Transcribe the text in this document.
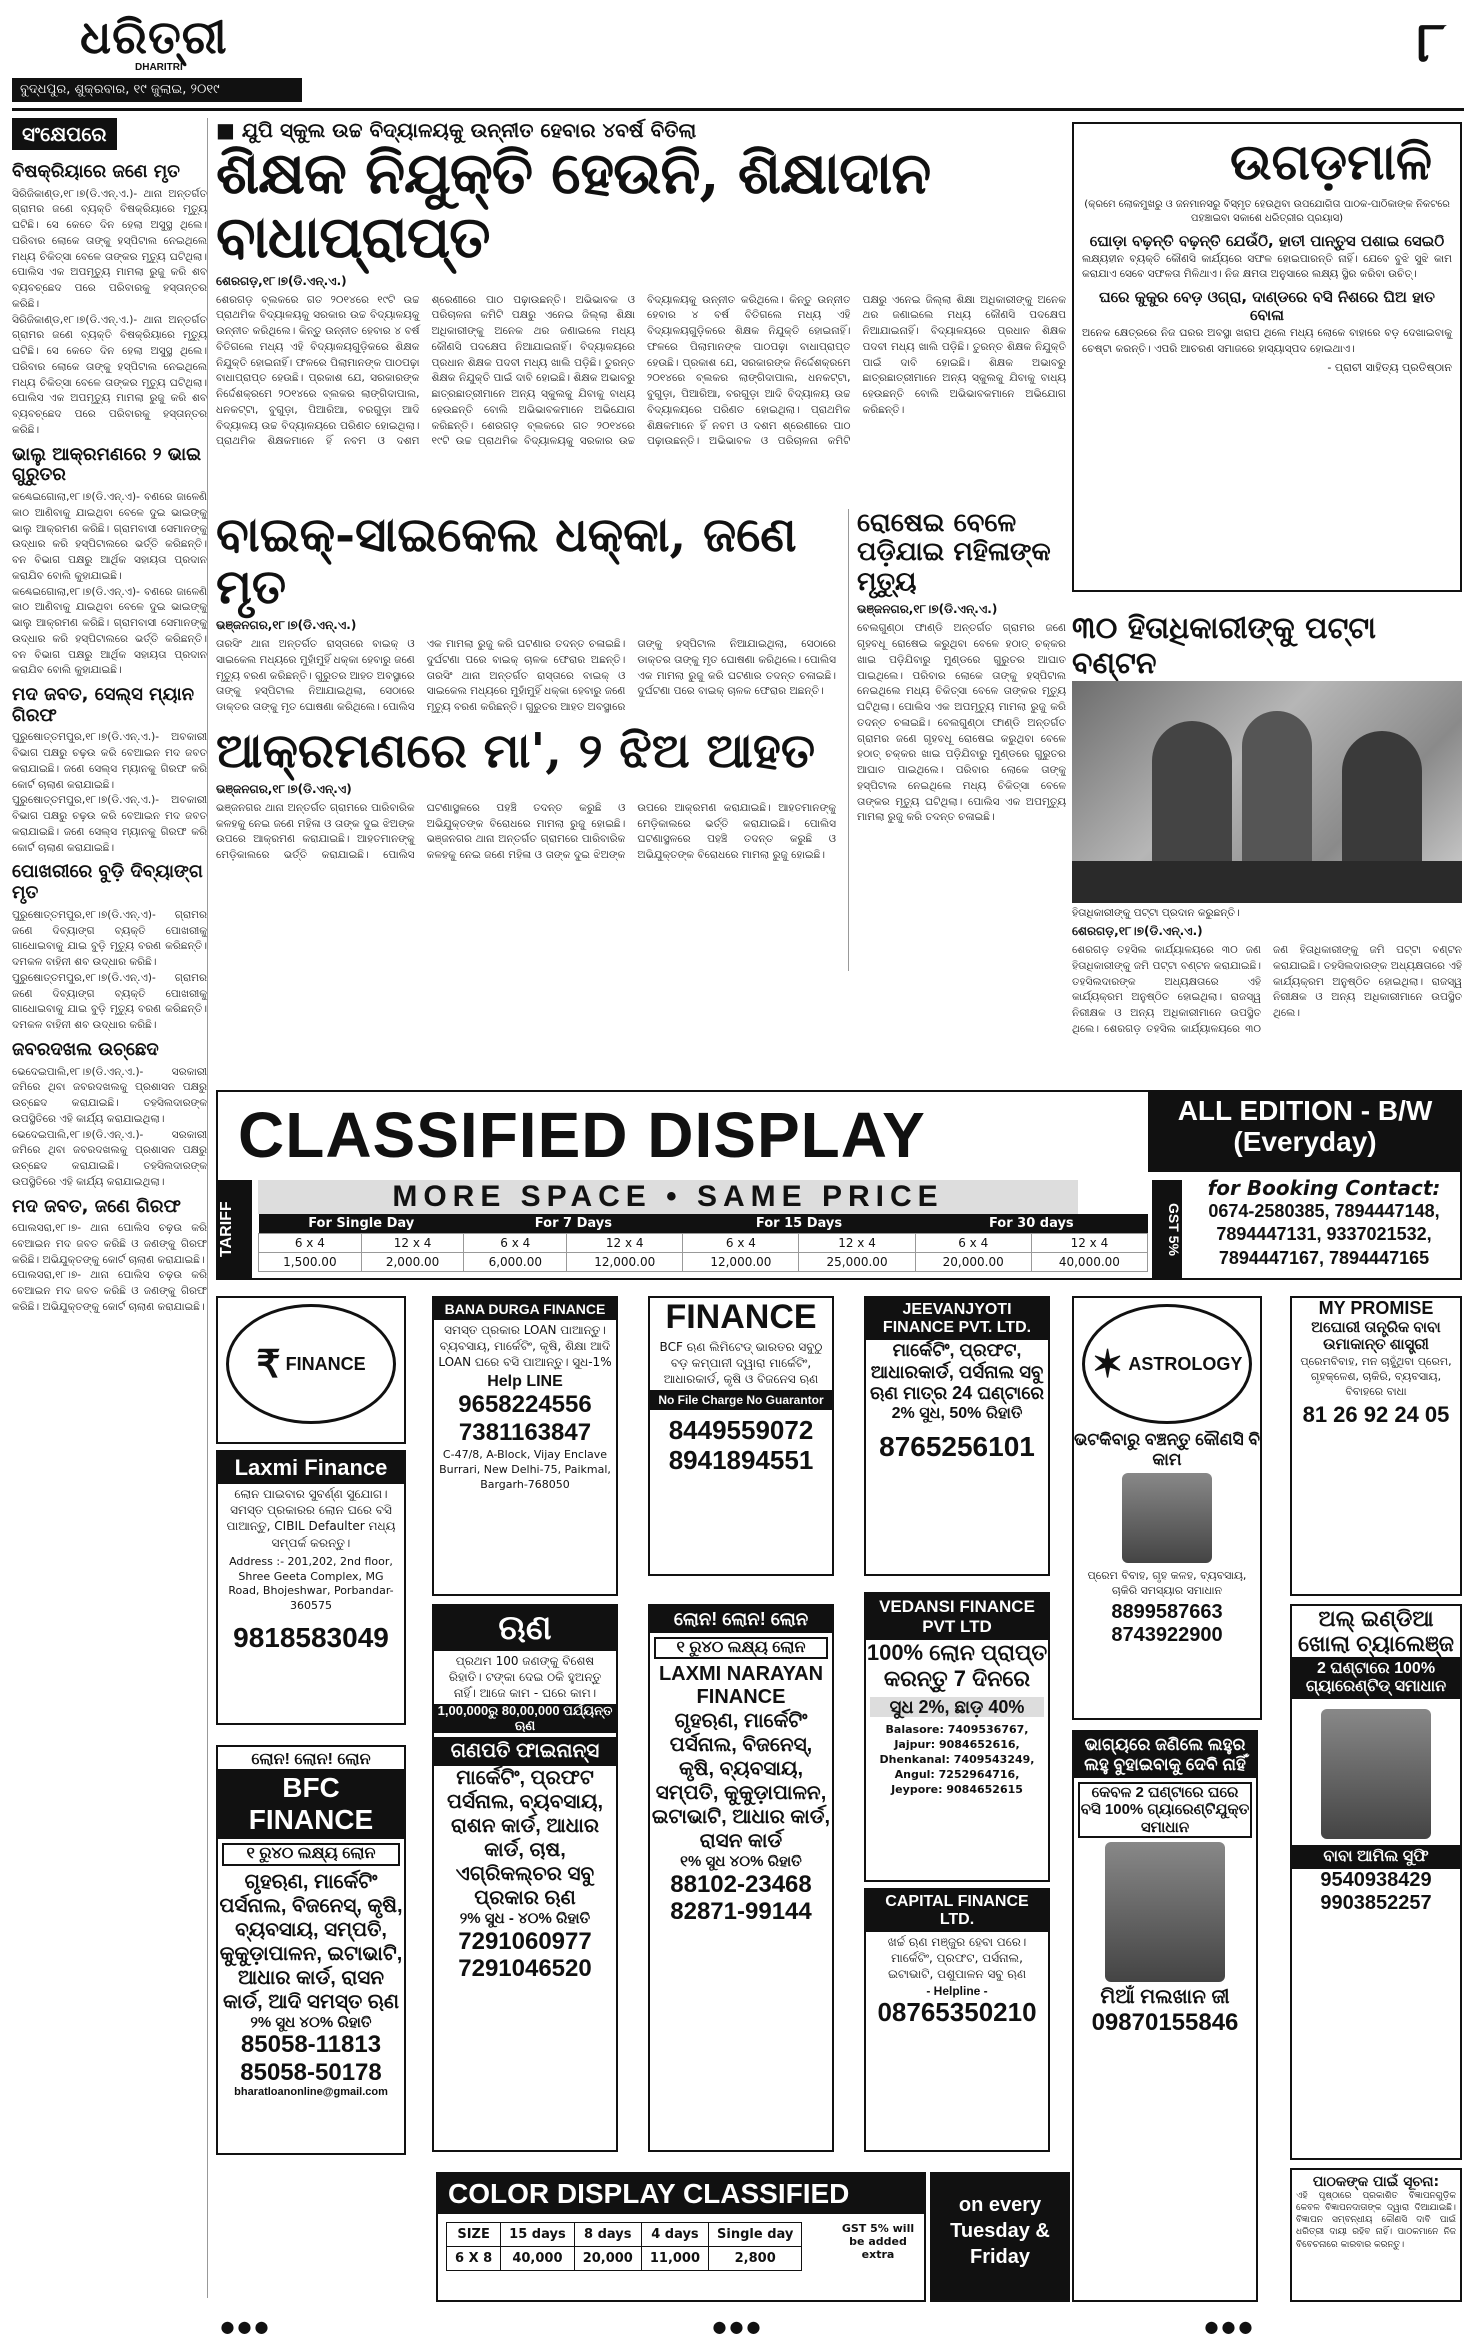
ଧରିତ୍ରୀ
DHARITRI	୮
ବୁଦ୍ଧପୁର, ଶୁକ୍ରବାର, ୧୯ ଜୁଲାଇ, ୨୦୧୯
ସଂକ୍ଷେପରେ
ବିଷକ୍ରିୟାରେ ଜଣେ ମୃତ

ସିରିଜିକାଣ୍ଡ,୧୮।୭(ଡି.ଏନ୍.ଏ.)- ଥାନା ଅନ୍ତର୍ଗତ ଗ୍ରାମର ଜଣେ ବ୍ୟକ୍ତି ବିଷକ୍ରିୟାରେ ମୃତ୍ୟୁ ଘଟିଛି। ସେ କେତେ ଦିନ ହେଲା ଅସୁସ୍ଥ ଥିଲେ। ପରିବାର ଲୋକେ ତାଙ୍କୁ ହସ୍ପିଟାଲ ନେଇଥିଲେ ମଧ୍ୟ ଚିକିତ୍ସା ବେଳେ ତାଙ୍କର ମୃତ୍ୟୁ ଘଟିଥିଲା। ପୋଲିସ ଏକ ଅପମୃତ୍ୟୁ ମାମଲା ରୁଜୁ କରି ଶବ ବ୍ୟବଚ୍ଛେଦ ପରେ ପରିବାରକୁ ହସ୍ତାନ୍ତର କରିଛି।

ସିରିଜିକାଣ୍ଡ,୧୮।୭(ଡି.ଏନ୍.ଏ.)- ଥାନା ଅନ୍ତର୍ଗତ ଗ୍ରାମର ଜଣେ ବ୍ୟକ୍ତି ବିଷକ୍ରିୟାରେ ମୃତ୍ୟୁ ଘଟିଛି। ସେ କେତେ ଦିନ ହେଲା ଅସୁସ୍ଥ ଥିଲେ। ପରିବାର ଲୋକେ ତାଙ୍କୁ ହସ୍ପିଟାଲ ନେଇଥିଲେ ମଧ୍ୟ ଚିକିତ୍ସା ବେଳେ ତାଙ୍କର ମୃତ୍ୟୁ ଘଟିଥିଲା। ପୋଲିସ ଏକ ଅପମୃତ୍ୟୁ ମାମଲା ରୁଜୁ କରି ଶବ ବ୍ୟବଚ୍ଛେଦ ପରେ ପରିବାରକୁ ହସ୍ତାନ୍ତର କରିଛି।

ଭାଲୁ ଆକ୍ରମଣରେ ୨ ଭାଇ ଗୁରୁତର

କଣ୍ଢେଇଗୋଲା,୧୮।୭(ଡି.ଏନ୍.ଏ)- ବଣରେ ଜାଳେଣି କାଠ ଆଣିବାକୁ ଯାଇଥିବା ବେଳେ ଦୁଇ ଭାଇଙ୍କୁ ଭାଲୁ ଆକ୍ରମଣ କରିଛି। ଗ୍ରାମବାସୀ ସେମାନଙ୍କୁ ଉଦ୍ଧାର କରି ହସ୍ପିଟାଲରେ ଭର୍ତ୍ତି କରିଛନ୍ତି। ବନ ବିଭାଗ ପକ୍ଷରୁ ଆର୍ଥିକ ସହାୟତା ପ୍ରଦାନ କରାଯିବ ବୋଲି କୁହାଯାଇଛି।

କଣ୍ଢେଇଗୋଲା,୧୮।୭(ଡି.ଏନ୍.ଏ)- ବଣରେ ଜାଳେଣି କାଠ ଆଣିବାକୁ ଯାଇଥିବା ବେଳେ ଦୁଇ ଭାଇଙ୍କୁ ଭାଲୁ ଆକ୍ରମଣ କରିଛି। ଗ୍ରାମବାସୀ ସେମାନଙ୍କୁ ଉଦ୍ଧାର କରି ହସ୍ପିଟାଲରେ ଭର୍ତ୍ତି କରିଛନ୍ତି। ବନ ବିଭାଗ ପକ୍ଷରୁ ଆର୍ଥିକ ସହାୟତା ପ୍ରଦାନ କରାଯିବ ବୋଲି କୁହାଯାଇଛି।

ମଦ ଜବତ, ସେଲ୍ସ ମ୍ୟାନ ଗିରଫ

ପୁରୁଷୋତ୍ତମପୁର,୧୮।୭(ଡି.ଏନ୍.ଏ.)- ଅବକାରୀ ବିଭାଗ ପକ୍ଷରୁ ଚଢ଼ଉ କରି ବେଆଇନ ମଦ ଜବତ କରାଯାଇଛି। ଜଣେ ସେଲ୍ସ ମ୍ୟାନକୁ ଗିରଫ କରି କୋର୍ଟ ଚାଲାଣ କରାଯାଇଛି।

ପୁରୁଷୋତ୍ତମପୁର,୧୮।୭(ଡି.ଏନ୍.ଏ.)- ଅବକାରୀ ବିଭାଗ ପକ୍ଷରୁ ଚଢ଼ଉ କରି ବେଆଇନ ମଦ ଜବତ କରାଯାଇଛି। ଜଣେ ସେଲ୍ସ ମ୍ୟାନକୁ ଗିରଫ କରି କୋର୍ଟ ଚାଲାଣ କରାଯାଇଛି।

ପୋଖରୀରେ ବୁଡ଼ି ଦିବ୍ୟାଙ୍ଗ ମୃତ

ପୁରୁଷୋତ୍ତମପୁର,୧୮।୭(ଡି.ଏନ୍.ଏ)- ଗ୍ରାମର ଜଣେ ଦିବ୍ୟାଙ୍ଗ ବ୍ୟକ୍ତି ପୋଖରୀକୁ ଗାଧୋଇବାକୁ ଯାଇ ବୁଡ଼ି ମୃତ୍ୟୁ ବରଣ କରିଛନ୍ତି। ଦମକଳ ବାହିନୀ ଶବ ଉଦ୍ଧାର କରିଛି।

ପୁରୁଷୋତ୍ତମପୁର,୧୮।୭(ଡି.ଏନ୍.ଏ)- ଗ୍ରାମର ଜଣେ ଦିବ୍ୟାଙ୍ଗ ବ୍ୟକ୍ତି ପୋଖରୀକୁ ଗାଧୋଇବାକୁ ଯାଇ ବୁଡ଼ି ମୃତ୍ୟୁ ବରଣ କରିଛନ୍ତି। ଦମକଳ ବାହିନୀ ଶବ ଉଦ୍ଧାର କରିଛି।

ଜବରଦଖଲ ଉଚ୍ଛେଦ

ଭେଦେଇପାଲି,୧୮।୭(ଡି.ଏନ୍.ଏ.)- ସରକାରୀ ଜମିରେ ଥିବା ଜବରଦଖଲକୁ ପ୍ରଶାସନ ପକ୍ଷରୁ ଉଚ୍ଛେଦ କରାଯାଇଛି। ତହସିଲଦାରଙ୍କ ଉପସ୍ଥିତିରେ ଏହି କାର୍ଯ୍ୟ କରାଯାଇଥିଲା।

ଭେଦେଇପାଲି,୧୮।୭(ଡି.ଏନ୍.ଏ.)- ସରକାରୀ ଜମିରେ ଥିବା ଜବରଦଖଲକୁ ପ୍ରଶାସନ ପକ୍ଷରୁ ଉଚ୍ଛେଦ କରାଯାଇଛି। ତହସିଲଦାରଙ୍କ ଉପସ୍ଥିତିରେ ଏହି କାର୍ଯ୍ୟ କରାଯାଇଥିଲା।

ମଦ ଜବତ, ଜଣେ ଗିରଫ

ପୋଲସରା,୧୮।୭- ଥାନା ପୋଲିସ ଚଢ଼ଉ କରି ବେଆଇନ ମଦ ଜବତ କରିଛି ଓ ଜଣଙ୍କୁ ଗିରଫ କରିଛି। ଅଭିଯୁକ୍ତଙ୍କୁ କୋର୍ଟ ଚାଲାଣ କରାଯାଇଛି।

ପୋଲସରା,୧୮।୭- ଥାନା ପୋଲିସ ଚଢ଼ଉ କରି ବେଆଇନ ମଦ ଜବତ କରିଛି ଓ ଜଣଙ୍କୁ ଗିରଫ କରିଛି। ଅଭିଯୁକ୍ତଙ୍କୁ କୋର୍ଟ ଚାଲାଣ କରାଯାଇଛି।

■ ଯୁପି ସ୍କୁଲ ଉଚ୍ଚ ବିଦ୍ୟାଳୟକୁ ଉନ୍ନୀତ ହେବାର ୪ବର୍ଷ ବିତିଲା
ଶିକ୍ଷକ ନିଯୁକ୍ତି ହେଉନି, ଶିକ୍ଷାଦାନ ବାଧାପ୍ରାପ୍ତ
ଶେରଗଡ଼,୧୮।୭(ଡି.ଏନ୍.ଏ.)
ଶେରଗଡ଼ ବ୍ଲକରେ ଗତ ୨୦୧୪ରେ ୧୯ଟି ଉଚ୍ଚ ପ୍ରାଥମିକ ବିଦ୍ୟାଳୟକୁ ସରକାର ଉଚ୍ଚ ବିଦ୍ୟାଳୟକୁ ଉନ୍ନୀତ କରିଥିଲେ। କିନ୍ତୁ ଉନ୍ନୀତ ହେବାର ୪ ବର୍ଷ ବିତିଗଲେ ମଧ୍ୟ ଏହି ବିଦ୍ୟାଳୟଗୁଡ଼ିକରେ ଶିକ୍ଷକ ନିଯୁକ୍ତି ହୋଇନାହିଁ। ଫଳରେ ପିଲାମାନଙ୍କ ପାଠପଢ଼ା ବାଧାପ୍ରାପ୍ତ ହେଉଛି। ପ୍ରକାଶ ଯେ, ସରକାରଙ୍କ ନିର୍ଦ୍ଦେଶକ୍ରମେ ୨୦୧୪ରେ ବ୍ଲକର ଲାଙ୍ଗିଦାପାଲ, ଧନକଟ୍ଟା, ବୁଗୁଡ଼ା, ପିଆରିଆ, ବରଗୁଡ଼ା ଆଦି ବିଦ୍ୟାଳୟ ଉଚ୍ଚ ବିଦ୍ୟାଳୟରେ ପରିଣତ ହୋଇଥିଲା। ପ୍ରାଥମିକ ଶିକ୍ଷକମାନେ ହିଁ ନବମ ଓ ଦଶମ ଶ୍ରେଣୀରେ ପାଠ ପଢ଼ାଉଛନ୍ତି। ଅଭିଭାବକ ଓ ପରିଚାଳନା କମିଟି ପକ୍ଷରୁ ଏନେଇ ଜିଲ୍ଲା ଶିକ୍ଷା ଅଧିକାରୀଙ୍କୁ ଅନେକ ଥର ଜଣାଇଲେ ମଧ୍ୟ କୌଣସି ପଦକ୍ଷେପ ନିଆଯାଇନାହିଁ। ବିଦ୍ୟାଳୟରେ ପ୍ରଧାନ ଶିକ୍ଷକ ପଦବୀ ମଧ୍ୟ ଖାଲି ପଡ଼ିଛି। ତୁରନ୍ତ ଶିକ୍ଷକ ନିଯୁକ୍ତି ପାଇଁ ଦାବି ହୋଇଛି। ଶିକ୍ଷକ ଅଭାବରୁ ଛାତ୍ରଛାତ୍ରୀମାନେ ଅନ୍ୟ ସ୍କୁଲକୁ ଯିବାକୁ ବାଧ୍ୟ ହେଉଛନ୍ତି ବୋଲି ଅଭିଭାବକମାନେ ଅଭିଯୋଗ କରିଛନ୍ତି। ଶେରଗଡ଼ ବ୍ଲକରେ ଗତ ୨୦୧୪ରେ ୧୯ଟି ଉଚ୍ଚ ପ୍ରାଥମିକ ବିଦ୍ୟାଳୟକୁ ସରକାର ଉଚ୍ଚ ବିଦ୍ୟାଳୟକୁ ଉନ୍ନୀତ କରିଥିଲେ। କିନ୍ତୁ ଉନ୍ନୀତ ହେବାର ୪ ବର୍ଷ ବିତିଗଲେ ମଧ୍ୟ ଏହି ବିଦ୍ୟାଳୟଗୁଡ଼ିକରେ ଶିକ୍ଷକ ନିଯୁକ୍ତି ହୋଇନାହିଁ। ଫଳରେ ପିଲାମାନଙ୍କ ପାଠପଢ଼ା ବାଧାପ୍ରାପ୍ତ ହେଉଛି। ପ୍ରକାଶ ଯେ, ସରକାରଙ୍କ ନିର୍ଦ୍ଦେଶକ୍ରମେ ୨୦୧୪ରେ ବ୍ଲକର ଲାଙ୍ଗିଦାପାଲ, ଧନକଟ୍ଟା, ବୁଗୁଡ଼ା, ପିଆରିଆ, ବରଗୁଡ଼ା ଆଦି ବିଦ୍ୟାଳୟ ଉଚ୍ଚ ବିଦ୍ୟାଳୟରେ ପରିଣତ ହୋଇଥିଲା। ପ୍ରାଥମିକ ଶିକ୍ଷକମାନେ ହିଁ ନବମ ଓ ଦଶମ ଶ୍ରେଣୀରେ ପାଠ ପଢ଼ାଉଛନ୍ତି। ଅଭିଭାବକ ଓ ପରିଚାଳନା କମିଟି ପକ୍ଷରୁ ଏନେଇ ଜିଲ୍ଲା ଶିକ୍ଷା ଅଧିକାରୀଙ୍କୁ ଅନେକ ଥର ଜଣାଇଲେ ମଧ୍ୟ କୌଣସି ପଦକ୍ଷେପ ନିଆଯାଇନାହିଁ। ବିଦ୍ୟାଳୟରେ ପ୍ରଧାନ ଶିକ୍ଷକ ପଦବୀ ମଧ୍ୟ ଖାଲି ପଡ଼ିଛି। ତୁରନ୍ତ ଶିକ୍ଷକ ନିଯୁକ୍ତି ପାଇଁ ଦାବି ହୋଇଛି। ଶିକ୍ଷକ ଅଭାବରୁ ଛାତ୍ରଛାତ୍ରୀମାନେ ଅନ୍ୟ ସ୍କୁଲକୁ ଯିବାକୁ ବାଧ୍ୟ ହେଉଛନ୍ତି ବୋଲି ଅଭିଭାବକମାନେ ଅଭିଯୋଗ କରିଛନ୍ତି।
ବାଇକ୍-ସାଇକେଲ ଧକ୍କା, ଜଣେ ମୃତ
ଭଞ୍ଜନଗର,୧୮।୭(ଡି.ଏନ୍.ଏ.)
ତାରସିଂ ଥାନା ଅନ୍ତର୍ଗତ ରାସ୍ତାରେ ବାଇକ୍ ଓ ସାଇକେଲ ମଧ୍ୟରେ ମୁହାଁମୁହିଁ ଧକ୍କା ହେବାରୁ ଜଣେ ମୃତ୍ୟୁ ବରଣ କରିଛନ୍ତି। ଗୁରୁତର ଆହତ ଅବସ୍ଥାରେ ତାଙ୍କୁ ହସ୍ପିଟାଲ ନିଆଯାଇଥିଲା, ସେଠାରେ ଡାକ୍ତର ତାଙ୍କୁ ମୃତ ଘୋଷଣା କରିଥିଲେ। ପୋଲିସ ଏକ ମାମଲା ରୁଜୁ କରି ଘଟଣାର ତଦନ୍ତ ଚଳାଇଛି। ଦୁର୍ଘଟଣା ପରେ ବାଇକ୍ ଚାଳକ ଫେରାର ଅଛନ୍ତି। ତାରସିଂ ଥାନା ଅନ୍ତର୍ଗତ ରାସ୍ତାରେ ବାଇକ୍ ଓ ସାଇକେଲ ମଧ୍ୟରେ ମୁହାଁମୁହିଁ ଧକ୍କା ହେବାରୁ ଜଣେ ମୃତ୍ୟୁ ବରଣ କରିଛନ୍ତି। ଗୁରୁତର ଆହତ ଅବସ୍ଥାରେ ତାଙ୍କୁ ହସ୍ପିଟାଲ ନିଆଯାଇଥିଲା, ସେଠାରେ ଡାକ୍ତର ତାଙ୍କୁ ମୃତ ଘୋଷଣା କରିଥିଲେ। ପୋଲିସ ଏକ ମାମଲା ରୁଜୁ କରି ଘଟଣାର ତଦନ୍ତ ଚଳାଇଛି। ଦୁର୍ଘଟଣା ପରେ ବାଇକ୍ ଚାଳକ ଫେରାର ଅଛନ୍ତି।
ଆକ୍ରମଣରେ ମା', ୨ ଝିଅ ଆହତ
ଭଞ୍ଜନଗର,୧୮।୭(ଡି.ଏନ୍.ଏ)
ଭଞ୍ଜନଗର ଥାନା ଅନ୍ତର୍ଗତ ଗ୍ରାମରେ ପାରିବାରିକ କଳହକୁ ନେଇ ଜଣେ ମହିଳା ଓ ତାଙ୍କ ଦୁଇ ଝିଅଙ୍କ ଉପରେ ଆକ୍ରମଣ କରାଯାଇଛି। ଆହତମାନଙ୍କୁ ମେଡ଼ିକାଲରେ ଭର୍ତ୍ତି କରାଯାଇଛି। ପୋଲିସ ଘଟଣାସ୍ଥଳରେ ପହଞ୍ଚି ତଦନ୍ତ କରୁଛି ଓ ଅଭିଯୁକ୍ତଙ୍କ ବିରୋଧରେ ମାମଲା ରୁଜୁ ହୋଇଛି। ଭଞ୍ଜନଗର ଥାନା ଅନ୍ତର୍ଗତ ଗ୍ରାମରେ ପାରିବାରିକ କଳହକୁ ନେଇ ଜଣେ ମହିଳା ଓ ତାଙ୍କ ଦୁଇ ଝିଅଙ୍କ ଉପରେ ଆକ୍ରମଣ କରାଯାଇଛି। ଆହତମାନଙ୍କୁ ମେଡ଼ିକାଲରେ ଭର୍ତ୍ତି କରାଯାଇଛି। ପୋଲିସ ଘଟଣାସ୍ଥଳରେ ପହଞ୍ଚି ତଦନ୍ତ କରୁଛି ଓ ଅଭିଯୁକ୍ତଙ୍କ ବିରୋଧରେ ମାମଲା ରୁଜୁ ହୋଇଛି।
ରୋଷେଇ ବେଳେ ପଡ଼ିଯାଇ ମହିଳାଙ୍କ ମୃତ୍ୟୁ
ଭଞ୍ଜନଗର,୧୮।୭(ଡି.ଏନ୍.ଏ.)
ବେଲଗୁଣ୍ଠା ଫାଣ୍ଡି ଅନ୍ତର୍ଗତ ଗ୍ରାମର ଜଣେ ଗୃହବଧୂ ରୋଷେଇ କରୁଥିବା ବେଳେ ହଠାତ୍ ଚକ୍କର ଖାଇ ପଡ଼ିଯିବାରୁ ମୁଣ୍ଡରେ ଗୁରୁତର ଆଘାତ ପାଇଥିଲେ। ପରିବାର ଲୋକେ ତାଙ୍କୁ ହସ୍ପିଟାଲ ନେଇଥିଲେ ମଧ୍ୟ ଚିକିତ୍ସା ବେଳେ ତାଙ୍କର ମୃତ୍ୟୁ ଘଟିଥିଲା। ପୋଲିସ ଏକ ଅପମୃତ୍ୟୁ ମାମଲା ରୁଜୁ କରି ତଦନ୍ତ ଚଳାଇଛି। ବେଲଗୁଣ୍ଠା ଫାଣ୍ଡି ଅନ୍ତର୍ଗତ ଗ୍ରାମର ଜଣେ ଗୃହବଧୂ ରୋଷେଇ କରୁଥିବା ବେଳେ ହଠାତ୍ ଚକ୍କର ଖାଇ ପଡ଼ିଯିବାରୁ ମୁଣ୍ଡରେ ଗୁରୁତର ଆଘାତ ପାଇଥିଲେ। ପରିବାର ଲୋକେ ତାଙ୍କୁ ହସ୍ପିଟାଲ ନେଇଥିଲେ ମଧ୍ୟ ଚିକିତ୍ସା ବେଳେ ତାଙ୍କର ମୃତ୍ୟୁ ଘଟିଥିଲା। ପୋଲିସ ଏକ ଅପମୃତ୍ୟୁ ମାମଲା ରୁଜୁ କରି ତଦନ୍ତ ଚଳାଇଛି।
ଉଗଡ଼ମାଳି
(କ୍ରମେ ଲୋକମୁଖରୁ ଓ ଜନମାନସରୁ ବିସ୍ମୃତ ହେଉଥିବା ଉପଯୋଗିତା ପାଠକ-ପାଠିକାଙ୍କ ନିକଟରେ ପହଞ୍ଚାଇବା ସକାଶେ ଧରିତ୍ରୀର ପ୍ରୟାସ)
ଘୋଡ଼ା ବଢ଼ନ୍ତି ବଢ଼ନ୍ତି ଯେଉଁଠି, ହାତୀ ପାନ୍ତୁସ ପଶାଇ ସେଇଠି

ଲକ୍ଷ୍ୟହୀନ ବ୍ୟକ୍ତି କୌଣସି କାର୍ଯ୍ୟରେ ସଫଳ ହୋଇପାରନ୍ତି ନାହିଁ। ଯେବେ ବୁଝି ସୁଝି କାମ କରାଯାଏ ସେବେ ସଫଳତା ମିଳିଥାଏ। ନିଜ କ୍ଷମତା ଅନୁସାରେ ଲକ୍ଷ୍ୟ ସ୍ଥିର କରିବା ଉଚିତ୍।

ଘରେ କୁକୁର ବେଡ଼ ଓଗ୍ରା, ଦାଣ୍ଡରେ ବସି ନିଶରେ ଘିଅ ହାତ ବୋଳା

ଅନେକ କ୍ଷେତ୍ରରେ ନିଜ ଘରର ଅବସ୍ଥା ଖରାପ ଥିଲେ ମଧ୍ୟ ଲୋକେ ବାହାରେ ବଡ଼ ଦେଖାଇବାକୁ ଚେଷ୍ଟା କରନ୍ତି। ଏପରି ଆଚରଣ ସମାଜରେ ହାସ୍ୟାସ୍ପଦ ହୋଇଥାଏ।

- ପ୍ରାଚୀ ସାହିତ୍ୟ ପ୍ରତିଷ୍ଠାନ
୩୦ ହିତାଧିକାରୀଙ୍କୁ ପଟ୍ଟା ବଣ୍ଟନ
ହିତାଧିକାରୀଙ୍କୁ ପଟ୍ଟା ପ୍ରଦାନ କରୁଛନ୍ତି।
ଶେରଗଡ଼,୧୮।୭(ଡି.ଏନ୍.ଏ.)
ଶେରଗଡ଼ ତହସିଲ କାର୍ଯ୍ୟାଳୟରେ ୩୦ ଜଣ ହିତାଧିକାରୀଙ୍କୁ ଜମି ପଟ୍ଟା ବଣ୍ଟନ କରାଯାଇଛି। ତହସିଲଦାରଙ୍କ ଅଧ୍ୟକ୍ଷତାରେ ଏହି କାର୍ଯ୍ୟକ୍ରମ ଅନୁଷ୍ଠିତ ହୋଇଥିଲା। ରାଜସ୍ୱ ନିରୀକ୍ଷକ ଓ ଅନ୍ୟ ଅଧିକାରୀମାନେ ଉପସ୍ଥିତ ଥିଲେ। ଶେରଗଡ଼ ତହସିଲ କାର୍ଯ୍ୟାଳୟରେ ୩୦ ଜଣ ହିତାଧିକାରୀଙ୍କୁ ଜମି ପଟ୍ଟା ବଣ୍ଟନ କରାଯାଇଛି। ତହସିଲଦାରଙ୍କ ଅଧ୍ୟକ୍ଷତାରେ ଏହି କାର୍ଯ୍ୟକ୍ରମ ଅନୁଷ୍ଠିତ ହୋଇଥିଲା। ରାଜସ୍ୱ ନିରୀକ୍ଷକ ଓ ଅନ୍ୟ ଅଧିକାରୀମାନେ ଉପସ୍ଥିତ ଥିଲେ।
CLASSIFIED DISPLAY	ALL EDITION - B/W (Everyday)
TARIFF
MORE SPACE • SAME PRICE
GST 5%
For Single Day		For 7 Days		For 15 Days		For 30 days	
6 x 4	12 x 4	6 x 4	12 x 4	6 x 4	12 x 4	6 x 4	12 x 4
1,500.00	2,000.00	6,000.00	12,000.00	12,000.00	25,000.00	20,000.00	40,000.00
for Booking Contact:
0674-2580385, 7894447148,
7894447131, 9337021532,
7894447167, 7894447165
₹
FINANCE
Laxmi Finance
ଲୋନ ପାଇବାର ସୁବର୍ଣ୍ଣ ସୁଯୋଗ। ସମସ୍ତ ପ୍ରକାରର ଲୋନ ଘରେ ବସି ପାଆନ୍ତୁ, CIBIL Defaulter ମଧ୍ୟ ସମ୍ପର୍କ କରନ୍ତୁ।
Address :- 201,202, 2nd floor, Shree Geeta Complex, MG Road, Bhojeshwar, Porbandar- 360575
9818583049
ଲୋନ! ଲୋନ! ଲୋନ
BFC FINANCE
୧ ରୁ୪୦ ଲକ୍ଷ୍ୟ ଲୋନ
ଗୃହଋଣ, ମାର୍କେଟିଂ ପର୍ସନାଲ, ବିଜନେସ୍, କୃଷି, ବ୍ୟବସାୟ, ସମ୍ପତି, କୁକୁଡ଼ାପାଳନ, ଇଟାଭାଟି, ଆଧାର କାର୍ଡ, ରାସନ କାର୍ଡ, ଆଦି ସମସ୍ତ ଋଣ
୨% ସୁଧ ୪୦% ରିହାତି
85058-11813 85058-50178
bharatloanonline@gmail.com
BANA DURGA FINANCE
ସମସ୍ତ ପ୍ରକାର LOAN ପାଆନ୍ତୁ। ବ୍ୟବସାୟ, ମାର୍କେଟିଂ, କୃଷି, ଶିକ୍ଷା ଆଦି LOAN ଘରେ ବସି ପାଆନ୍ତୁ। ସୁଧ-1%
Help LINE
9658224556 7381163847
C-47/8, A-Block, Vijay Enclave Burrari, New Delhi-75, Paikmal, Bargarh-768050
ଋଣ
ପ୍ରଥମ 100 ଜଣଙ୍କୁ ବିଶେଷ ରିହାତି। ଟଙ୍କା ଦେଇ ଠକି ହୁଅନ୍ତୁ ନାହିଁ। ଆଜେ କାମ - ଘରେ କାମ।
1,00,000ରୁ 80,00,000 ପର୍ଯ୍ୟନ୍ତ ଋଣ
ଗଣପତି ଫାଇନାନ୍ସ
ମାର୍କେଟିଂ, ପ୍ରଫଟ ପର୍ସନାଲ, ବ୍ୟବସାୟ, ରାଶନ କାର୍ଡ, ଆଧାର କାର୍ଡ, ଚାଷ, ଏଗ୍ରିକଲ୍ଚର ସବୁ ପ୍ରକାର ଋଣ
୨% ସୁଧ - ୪୦% ରିହାତି
7291060977 7291046520
FINANCE
BCF ଋଣ ଲିମିଟେଡ୍ ଭାରତର ସବୁଠୁ ବଡ଼ କମ୍ପାନୀ ଦ୍ୱାରା ମାର୍କେଟିଂ, ଆଧାରକାର୍ଡ, କୃଷି ଓ ବିଜନେସ ଋଣ
No File Charge No Guarantor
8449559072 8941894551
ଲୋନ! ଲୋନ! ଲୋନ
୧ ରୁ୪୦ ଲକ୍ଷ୍ୟ ଲୋନ
LAXMI NARAYAN FINANCE
ଗୃହଋଣ, ମାର୍କେଟିଂ ପର୍ସନାଲ, ବିଜନେସ୍, କୃଷି, ବ୍ୟବସାୟ, ସମ୍ପତି, କୁକୁଡ଼ାପାଳନ, ଇଟାଭାଟି, ଆଧାର କାର୍ଡ, ରାସନ କାର୍ଡ
୧% ସୁଧ ୪୦% ରିହାତି
88102-23468 82871-99144
JEEVANJYOTI FINANCE PVT. LTD.
ମାର୍କେଟିଂ, ପ୍ରଫଟ, ଆଧାରକାର୍ଡ, ପର୍ସନାଲ ସବୁ ଋଣ ମାତ୍ର 24 ଘଣ୍ଟାରେ
2% ସୁଧ, 50% ରିହାତି
8765256101
VEDANSI FINANCE PVT LTD
100% ଲୋନ ପ୍ରାପ୍ତ କରନ୍ତୁ 7 ଦିନରେ
ସୁଧ 2%, ଛାଡ଼ 40%
Balasore: 7409536767, Jajpur: 9084652616, Dhenkanal: 7409543249, Angul: 7252964716, Jeypore: 9084652615
CAPITAL FINANCE LTD.
ଖର୍ଚ୍ଚ ଋଣ ମଞ୍ଜୁର ହେବା ପରେ। ମାର୍କେଟିଂ, ପ୍ରଫଟ, ପର୍ସନାଲ, ଇଟାଭାଟି, ପଶୁପାଳନ ସବୁ ଋଣ
- Helpline -
08765350210
✶
ASTROLOGY
ଭଟକିବାରୁ ବଞ୍ଚନ୍ତୁ କୌଣସି ବି କାମ
ପ୍ରେମ ବିବାହ, ଗୃହ କଳହ, ବ୍ୟବସାୟ, ଚାକିରି ସମସ୍ୟାର ସମାଧାନ
8899587663 8743922900
ଭାଗ୍ୟରେ ଜଣିଲେ ଲହୁର ଲହୁ ବୁହାଇବାକୁ ଦେବି ନାହିଁ
କେବଳ 2 ଘଣ୍ଟାରେ ଘରେ ବସି 100% ଗ୍ୟାରେଣ୍ଟିଯୁକ୍ତ ସମାଧାନ
ମିଆଁ ମଲଖାନ ଜୀ
09870155846
MY PROMISE
ଅଘୋରୀ ତାନ୍ତ୍ରିକ ବାବା ଉମାକାନ୍ତ ଶାସ୍ତ୍ରୀ
ପ୍ରେମବିବାହ, ମନ ଚାହୁଁଥିବା ପ୍ରେମ, ଗୃହକ୍ଳେଶ, ଚାକିରି, ବ୍ୟବସାୟ, ବିବାହରେ ବାଧା
81 26 92 24 05
ଅଲ୍ ଇଣ୍ଡିଆ ଖୋଲା ଚ୍ୟାଲେଞ୍ଜ
2 ଘଣ୍ଟାରେ 100% ଗ୍ୟାରେଣ୍ଟିଡ୍ ସମାଧାନ
ବାବା ଆମିଲ ସୁଫି
9540938429 9903852257
COLOR DISPLAY CLASSIFIED
SIZE	15 days	8 days	4 days	Single day
6 X 8	40,000	20,000	11,000	2,800
GST 5% will be added extra
on every Tuesday & Friday
ପାଠକଙ୍କ ପାଇଁ ସୂଚନା:

ଏହି ପୃଷ୍ଠାରେ ପ୍ରକାଶିତ ବିଜ୍ଞାପନଗୁଡ଼ିକ କେବଳ ବିଜ୍ଞାପନଦାତାଙ୍କ ଦ୍ୱାରା ଦିଆଯାଇଛି। ବିଜ୍ଞାପନ ସମ୍ବନ୍ଧୀୟ କୌଣସି ଦାବି ପାଇଁ ଧରିତ୍ରୀ ଦାୟୀ ରହିବ ନାହିଁ। ପାଠକମାନେ ନିଜ ବିବେଚନାରେ କାରବାର କରନ୍ତୁ।

●●●	●●●	●●●
